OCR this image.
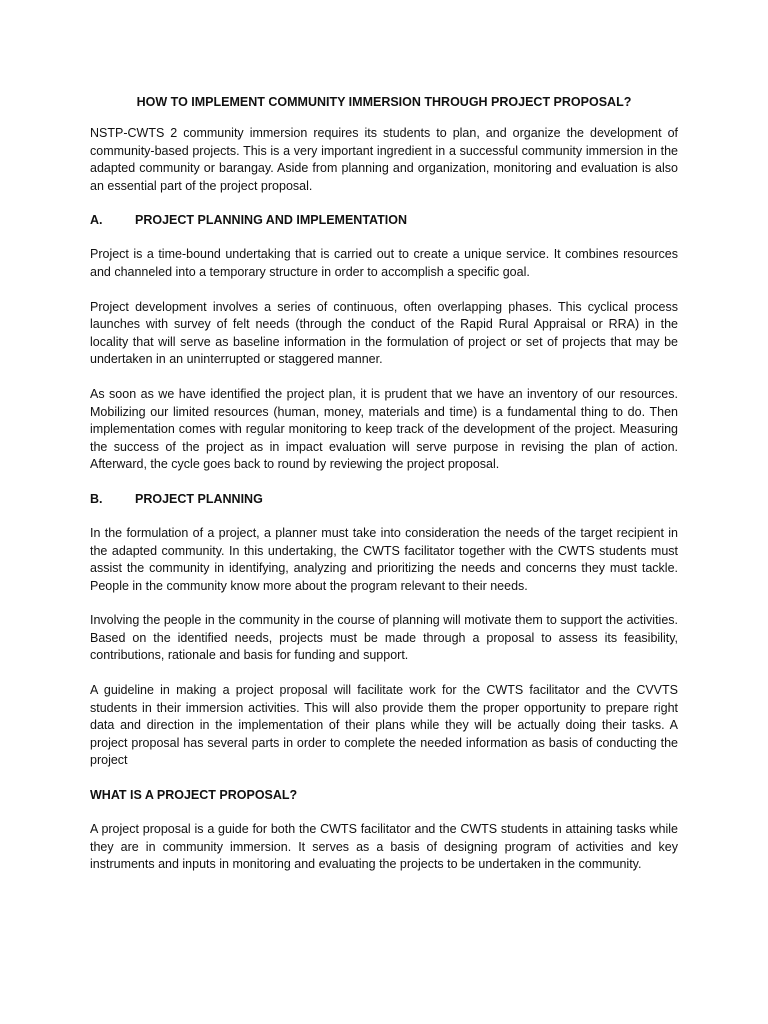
HOW TO IMPLEMENT COMMUNITY IMMERSION THROUGH PROJECT PROPOSAL?

NSTP-CWTS 2 community immersion requires its students to plan, and organize the development of community-based projects. This is a very important ingredient in a successful community immersion in the adapted community or barangay. Aside from planning and organization, monitoring and evaluation is also an essential part of the project proposal.

A.	PROJECT PLANNING AND IMPLEMENTATION

Project is a time-bound undertaking that is carried out to create a unique service. It combines resources and channeled into a temporary structure in order to accomplish a specific goal.

Project development involves a series of continuous, often overlapping phases. This cyclical process launches with survey of felt needs (through the conduct of the Rapid Rural Appraisal or RRA) in the locality that will serve as baseline information in the formulation of project or set of projects that may be undertaken in an uninterrupted or staggered manner.

As soon as we have identified the project plan, it is prudent that we have an inventory of our resources. Mobilizing our limited resources (human, money, materials and time) is a fundamental thing to do. Then implementation comes with regular monitoring to keep track of the development of the project. Measuring the success of the project as in impact evaluation will serve purpose in revising the plan of action. Afterward, the cycle goes back to round by reviewing the project proposal.

B.	PROJECT PLANNING

In the formulation of a project, a planner must take into consideration the needs of the target recipient in the adapted community. In this undertaking, the CWTS facilitator together with the CWTS students must assist the community in identifying, analyzing and prioritizing the needs and concerns they must tackle. People in the community know more about the program relevant to their needs.

Involving the people in the community in the course of planning will motivate them to support the activities. Based on the identified needs, projects must be made through a proposal to assess its feasibility, contributions, rationale and basis for funding and support.

A guideline in making a project proposal will facilitate work for the CWTS facilitator and the CVVTS students in their immersion activities. This will also provide them the proper opportunity to prepare right data and direction in the implementation of their plans while they will be actually doing their tasks. A project proposal has several parts in order to complete the needed information as basis of conducting the project

WHAT IS A PROJECT PROPOSAL?

A project proposal is a guide for both the CWTS facilitator and the CWTS students in attaining tasks while they are in community immersion. It serves as a basis of designing program of activities and key instruments and inputs in monitoring and evaluating the projects to be undertaken in the community.
